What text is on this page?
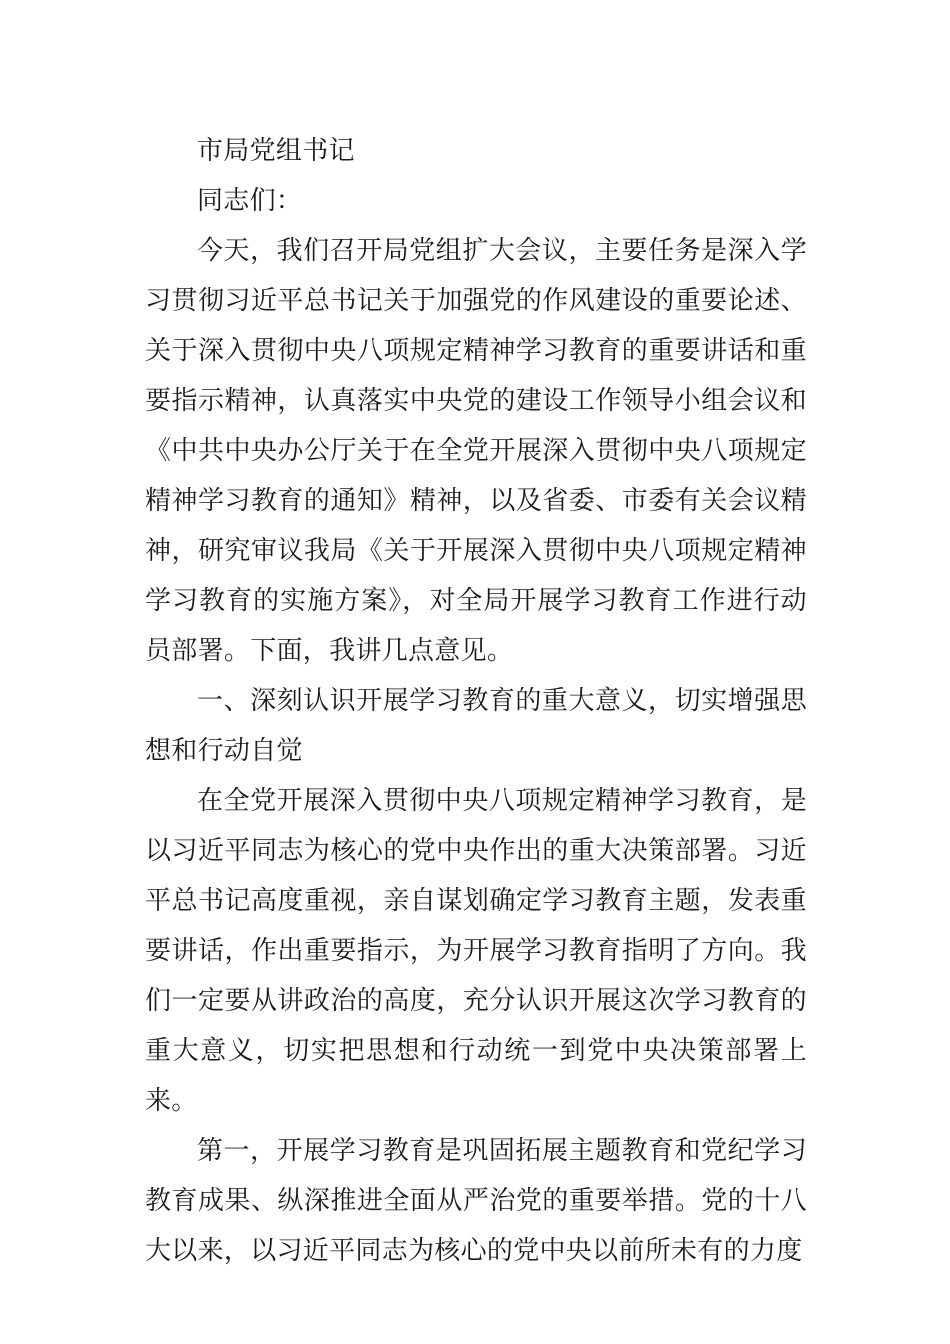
市局党组书记

同志们：

今天，我们召开局党组扩大会议，主要任务是深入学习贯彻习近平总书记关于加强党的作风建设的重要论述、关于深入贯彻中央八项规定精神学习教育的重要讲话和重要指示精神，认真落实中央党的建设工作领导小组会议和《中共中央办公厅关于在全党开展深入贯彻中央八项规定精神学习教育的通知》精神，以及省委、市委有关会议精神，研究审议我局《关于开展深入贯彻中央八项规定精神学习教育的实施方案》，对全局开展学习教育工作进行动员部署。下面，我讲几点意见。

一、深刻认识开展学习教育的重大意义，切实增强思想和行动自觉

在全党开展深入贯彻中央八项规定精神学习教育，是以习近平同志为核心的党中央作出的重大决策部署。习近平总书记高度重视，亲自谋划确定学习教育主题，发表重要讲话，作出重要指示，为开展学习教育指明了方向。我们一定要从讲政治的高度，充分认识开展这次学习教育的重大意义，切实把思想和行动统一到党中央决策部署上来。

第一，开展学习教育是巩固拓展主题教育和党纪学习教育成果、纵深推进全面从严治党的重要举措。党的十八大以来，以习近平同志为核心的党中央以前所未有的力度
